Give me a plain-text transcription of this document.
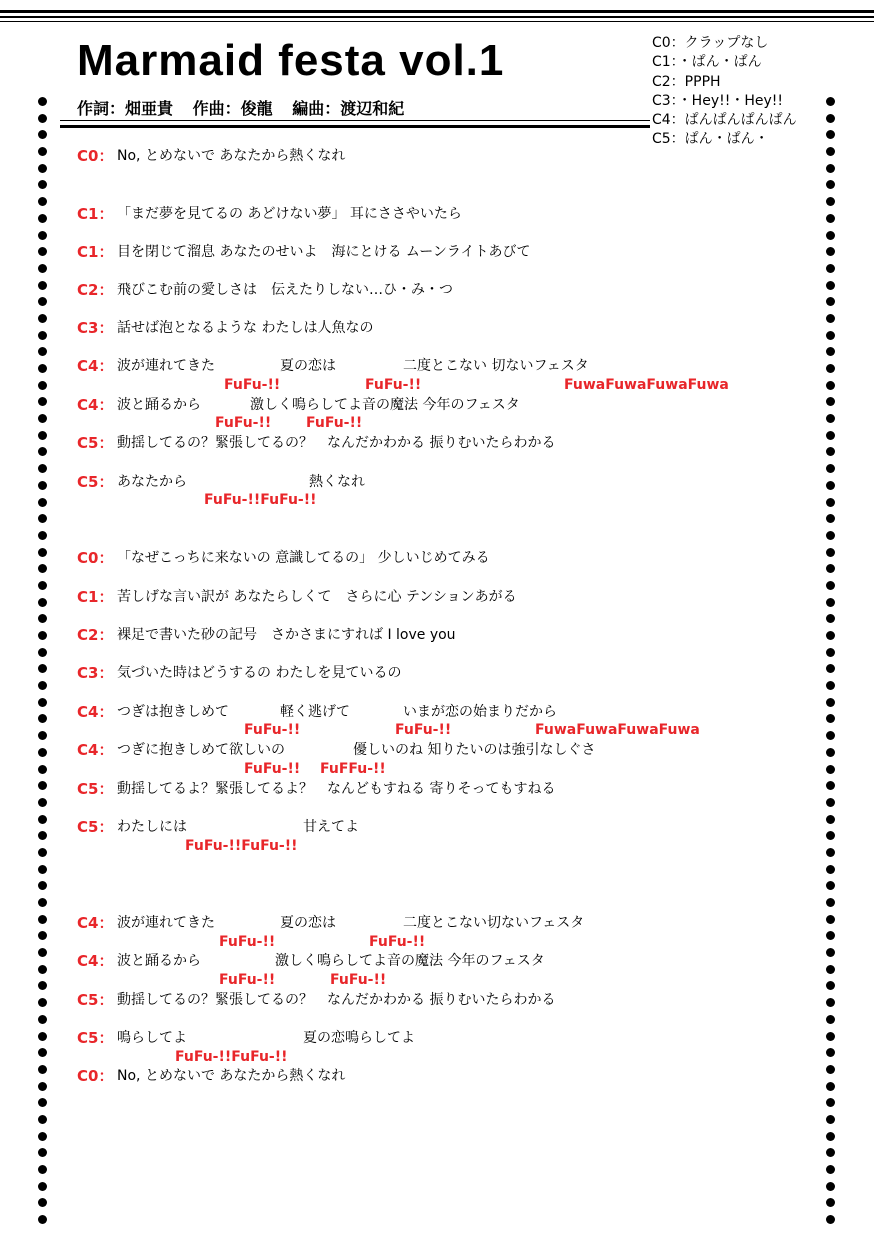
Marmaid festa vol.1
作詞：畑亜貴 作曲：俊龍 編曲：渡辺和紀
C0：クラップなし
C1：・ぱん・ぱん
C2：PPPH
C3：・Hey!!・Hey!!
C4：ぱんぱんぱんぱん
C5：ぱん・ぱん・
C0： No, とめないで あなたから熱くなれ
C1： 「まだ夢を見てるの あどけない夢」 耳にささやいたら
C1： 目を閉じて溜息 あなたのせいよ　海にとける ムーンライトあびて
C2： 飛びこむ前の愛しさは　伝えたりしない…ひ・み・つ
C3： 話せば泡となるような わたしは人魚なの
C4： 波が連れてきた	夏の恋は	二度とこない 切ないフェスタ
FuFu-!!	FuFu-!!	FuwaFuwaFuwaFuwa
C4： 波と踊るから	激しく鳴らしてよ音の魔法 今年のフェスタ
FuFu-!! FuFu-!!
C5： 動揺してるの？緊張してるの？　なんだかわかる 振りむいたらわかる
C5： あなたから	熱くなれ
FuFu-!!FuFu-!!
C0： 「なぜこっちに来ないの 意識してるの」 少しいじめてみる
C1： 苦しげな言い訳が あなたらしくて　さらに心 テンションあがる
C2： 裸足で書いた砂の記号　さかさまにすれば I love you
C3： 気づいた時はどうするの わたしを見ているの
C4： つぎは抱きしめて	軽く逃げて	いまが恋の始まりだから
FuFu-!!	FuFu-!!	FuwaFuwaFuwaFuwa
C4： つぎに抱きしめて欲しいの	優しいのね 知りたいのは強引なしぐさ
FuFu-!! FuFFu-!!
C5： 動揺してるよ？緊張してるよ？　なんどもすねる 寄りそってもすねる
C5： わたしには	甘えてよ
FuFu-!!FuFu-!!
C4： 波が連れてきた	夏の恋は	二度とこない切ないフェスタ
FuFu-!!	FuFu-!!
C4： 波と踊るから	激しく鳴らしてよ音の魔法 今年のフェスタ
FuFu-!!	FuFu-!!
C5： 動揺してるの？緊張してるの？　なんだかわかる 振りむいたらわかる
C5： 鳴らしてよ	夏の恋鳴らしてよ
FuFu-!!FuFu-!!
C0： No, とめないで あなたから熱くなれ
